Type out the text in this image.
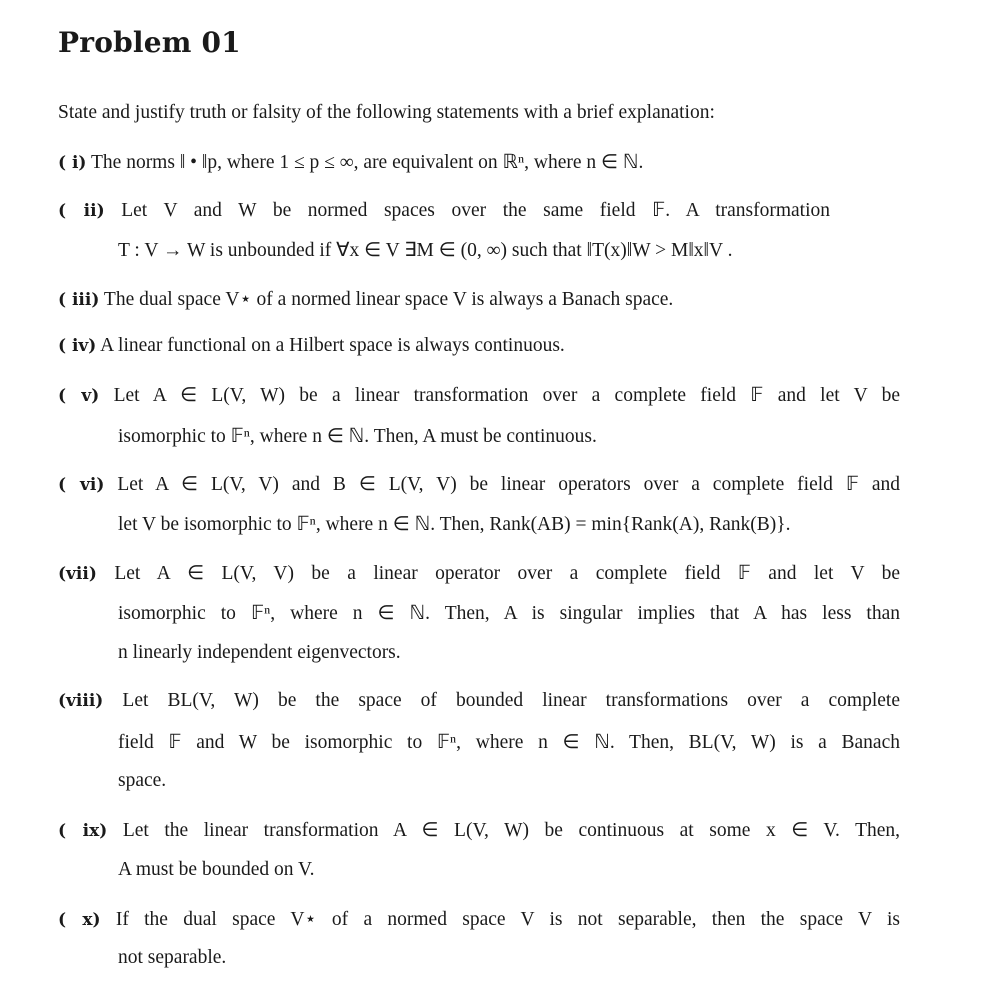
Problem 01
State and justify truth or falsity of the following statements with a brief explanation:
( i) The norms ‖ • ‖p, where 1 ≤ p ≤ ∞, are equivalent on ℝⁿ, where n ∈ ℕ.
( ii) Let V and W be normed spaces over the same field 𝔽. A transformation
T : V → W is unbounded if ∀x ∈ V ∃M ∈ (0, ∞) such that ‖T(x)‖W > M‖x‖V .
( iii) The dual space V⋆ of a normed linear space V is always a Banach space.
( iv) A linear functional on a Hilbert space is always continuous.
( v) Let A ∈ L(V, W) be a linear transformation over a complete field 𝔽 and let V be
isomorphic to 𝔽ⁿ, where n ∈ ℕ. Then, A must be continuous.
( vi) Let A ∈ L(V, V) and B ∈ L(V, V) be linear operators over a complete field 𝔽 and
let V be isomorphic to 𝔽ⁿ, where n ∈ ℕ. Then, Rank(AB) = min{Rank(A), Rank(B)}.
(vii) Let A ∈ L(V, V) be a linear operator over a complete field 𝔽 and let V be
isomorphic to 𝔽ⁿ, where n ∈ ℕ. Then, A is singular implies that A has less than
n linearly independent eigenvectors.
(viii) Let BL(V, W) be the space of bounded linear transformations over a complete
field 𝔽 and W be isomorphic to 𝔽ⁿ, where n ∈ ℕ. Then, BL(V, W) is a Banach
space.
( ix) Let the linear transformation A ∈ L(V, W) be continuous at some x ∈ V. Then,
A must be bounded on V.
( x) If the dual space V⋆ of a normed space V is not separable, then the space V is
not separable.
